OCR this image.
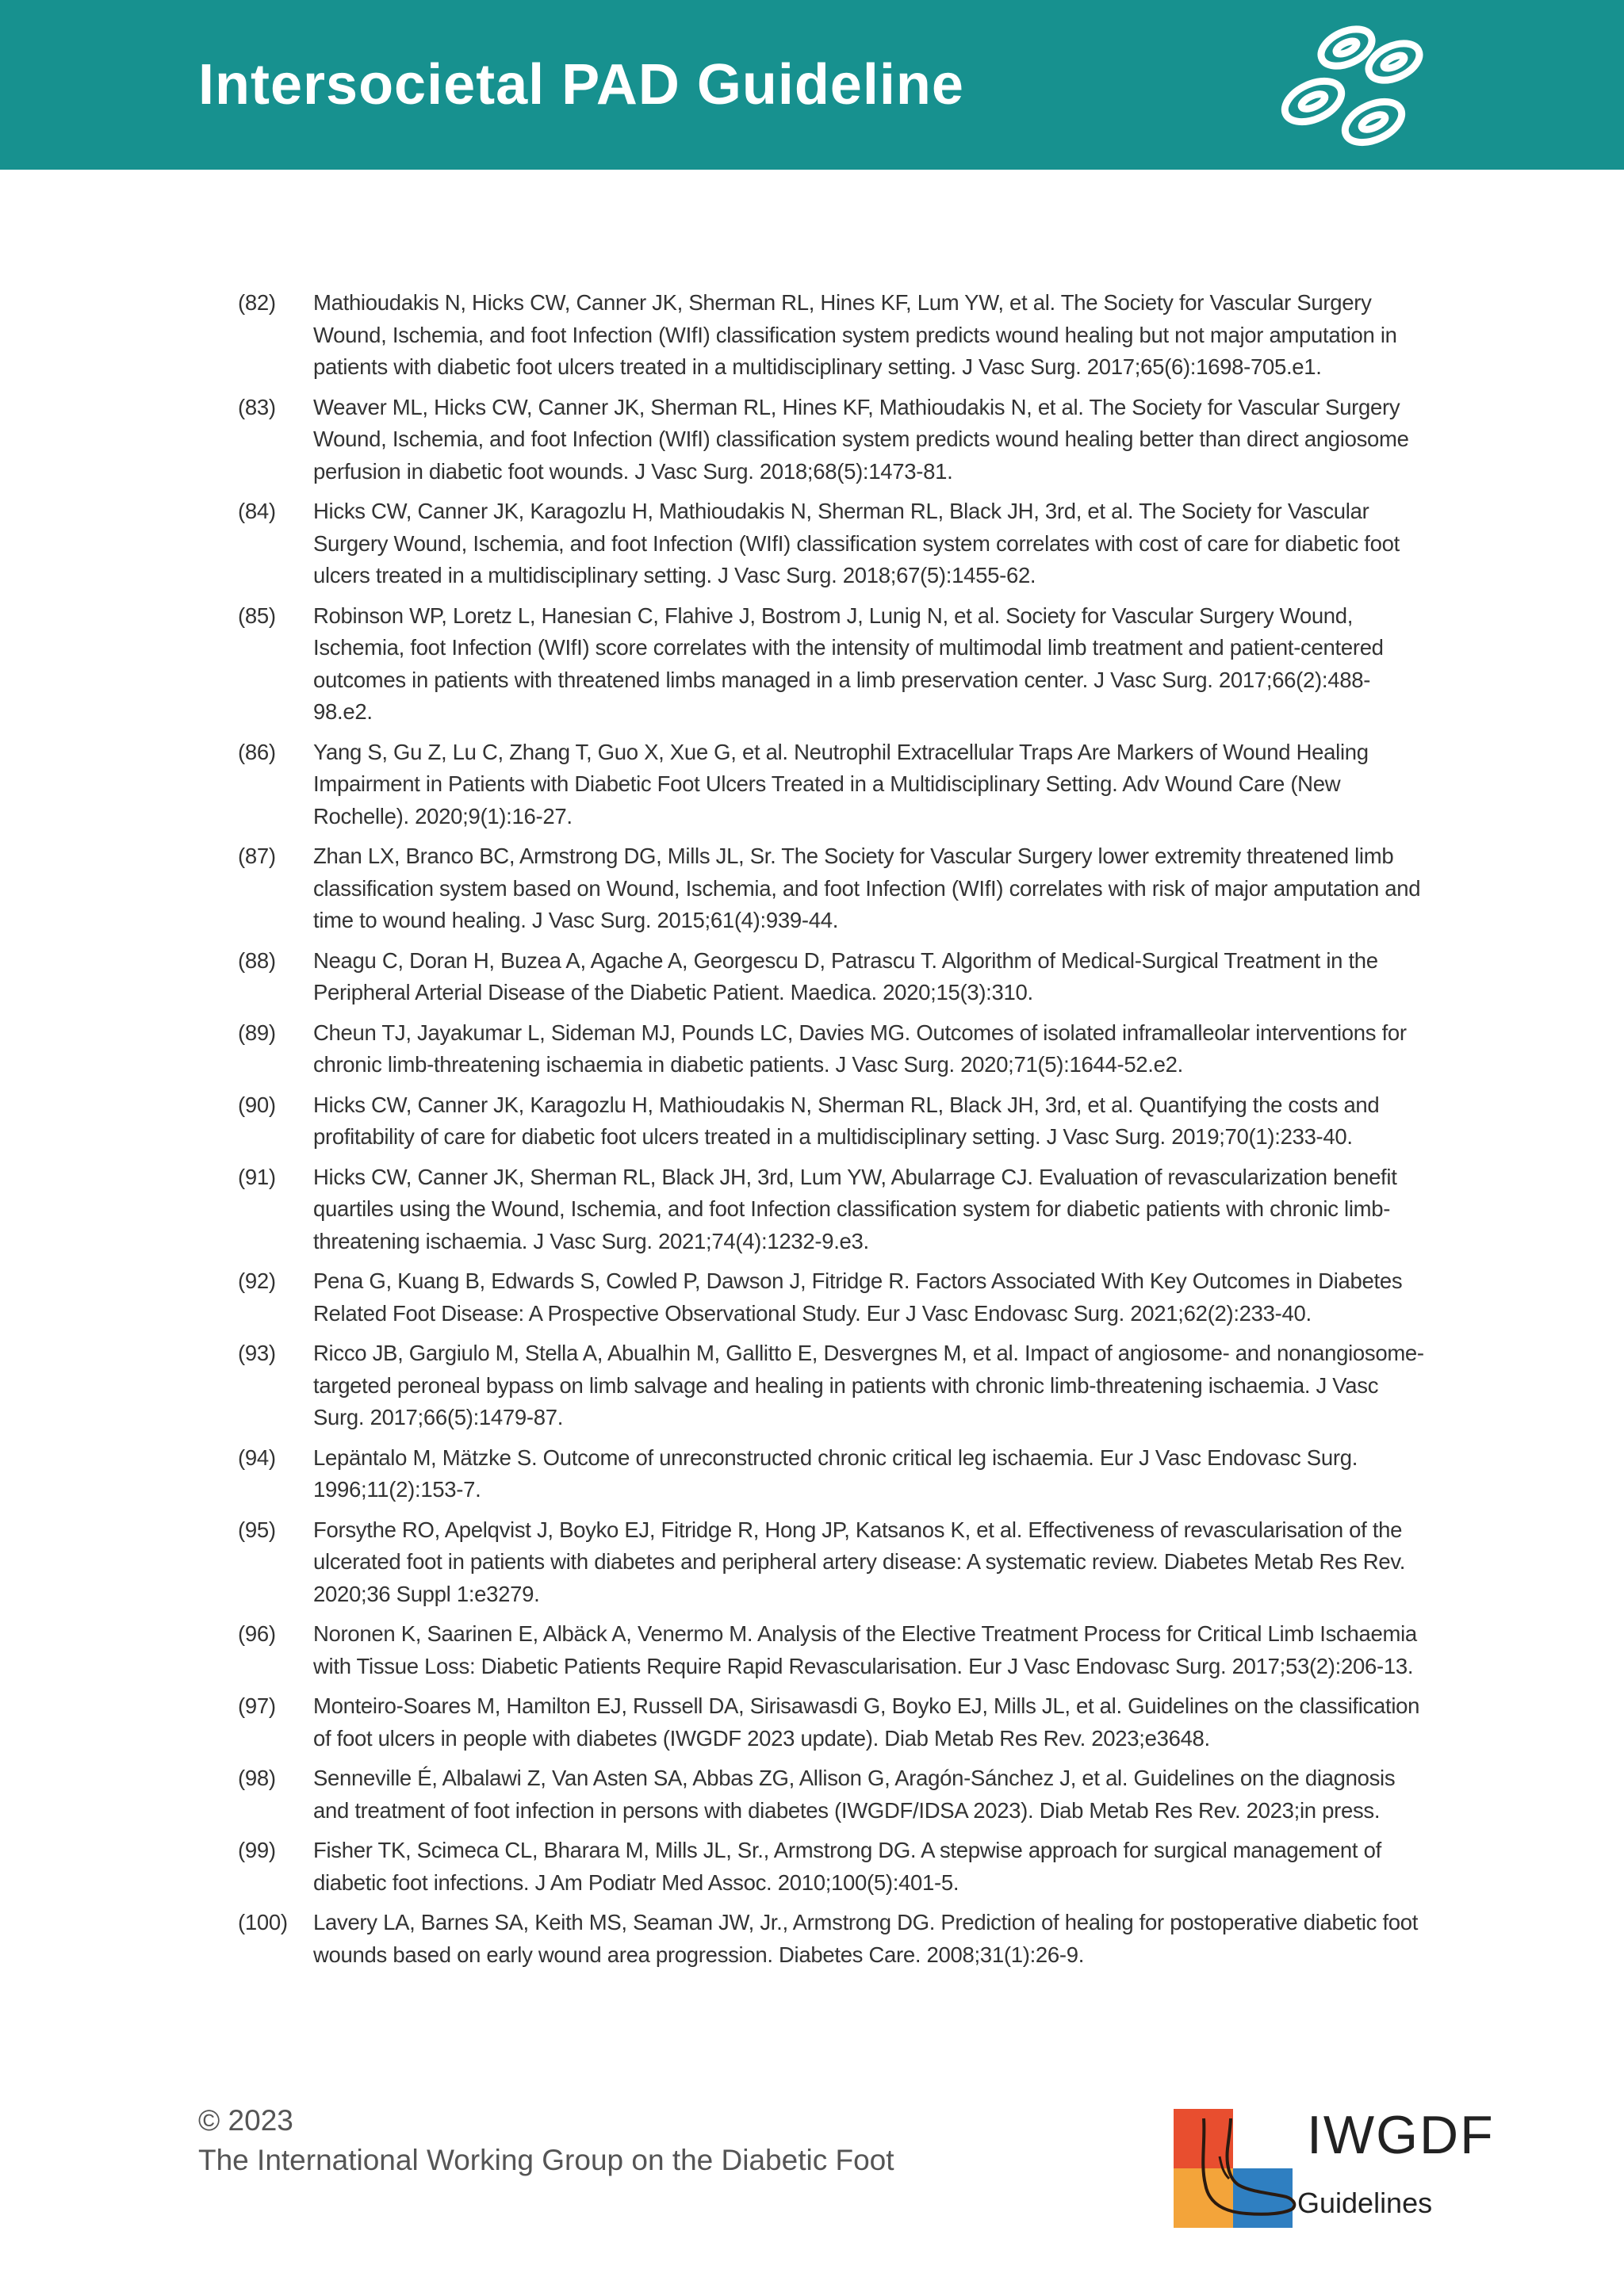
Intersocietal PAD Guideline
(82)	Mathioudakis N, Hicks CW, Canner JK, Sherman RL, Hines KF, Lum YW, et al. The Society for Vascular Surgery Wound, Ischemia, and foot Infection (WIfI) classification system predicts wound healing but not major amputation in patients with diabetic foot ulcers treated in a multidisciplinary setting. J Vasc Surg. 2017;65(6):1698-705.e1.
(83)	Weaver ML, Hicks CW, Canner JK, Sherman RL, Hines KF, Mathioudakis N, et al. The Society for Vascular Surgery Wound, Ischemia, and foot Infection (WIfI) classification system predicts wound healing better than direct angiosome perfusion in diabetic foot wounds. J Vasc Surg. 2018;68(5):1473-81.
(84)	Hicks CW, Canner JK, Karagozlu H, Mathioudakis N, Sherman RL, Black JH, 3rd, et al. The Society for Vascular Surgery Wound, Ischemia, and foot Infection (WIfI) classification system correlates with cost of care for diabetic foot ulcers treated in a multidisciplinary setting. J Vasc Surg. 2018;67(5):1455-62.
(85)	Robinson WP, Loretz L, Hanesian C, Flahive J, Bostrom J, Lunig N, et al. Society for Vascular Surgery Wound, Ischemia, foot Infection (WIfI) score correlates with the intensity of multimodal limb treatment and patient-centered outcomes in patients with threatened limbs managed in a limb preservation center. J Vasc Surg. 2017;66(2):488-98.e2.
(86)	Yang S, Gu Z, Lu C, Zhang T, Guo X, Xue G, et al. Neutrophil Extracellular Traps Are Markers of Wound Healing Impairment in Patients with Diabetic Foot Ulcers Treated in a Multidisciplinary Setting. Adv Wound Care (New Rochelle). 2020;9(1):16-27.
(87)	Zhan LX, Branco BC, Armstrong DG, Mills JL, Sr. The Society for Vascular Surgery lower extremity threatened limb classification system based on Wound, Ischemia, and foot Infection (WIfI) correlates with risk of major amputation and time to wound healing. J Vasc Surg. 2015;61(4):939-44.
(88)	Neagu C, Doran H, Buzea A, Agache A, Georgescu D, Patrascu T. Algorithm of Medical-Surgical Treatment in the Peripheral Arterial Disease of the Diabetic Patient. Maedica. 2020;15(3):310.
(89)	Cheun TJ, Jayakumar L, Sideman MJ, Pounds LC, Davies MG. Outcomes of isolated inframalleolar interventions for chronic limb-threatening ischaemia in diabetic patients. J Vasc Surg. 2020;71(5):1644-52.e2.
(90)	Hicks CW, Canner JK, Karagozlu H, Mathioudakis N, Sherman RL, Black JH, 3rd, et al. Quantifying the costs and profitability of care for diabetic foot ulcers treated in a multidisciplinary setting. J Vasc Surg. 2019;70(1):233-40.
(91)	Hicks CW, Canner JK, Sherman RL, Black JH, 3rd, Lum YW, Abularrage CJ. Evaluation of revascularization benefit quartiles using the Wound, Ischemia, and foot Infection classification system for diabetic patients with chronic limb-threatening ischaemia. J Vasc Surg. 2021;74(4):1232-9.e3.
(92)	Pena G, Kuang B, Edwards S, Cowled P, Dawson J, Fitridge R. Factors Associated With Key Outcomes in Diabetes Related Foot Disease: A Prospective Observational Study. Eur J Vasc Endovasc Surg. 2021;62(2):233-40.
(93)	Ricco JB, Gargiulo M, Stella A, Abualhin M, Gallitto E, Desvergnes M, et al. Impact of angiosome- and nonangiosome-targeted peroneal bypass on limb salvage and healing in patients with chronic limb-threatening ischaemia. J Vasc Surg. 2017;66(5):1479-87.
(94)	Lepäntalo M, Mätzke S. Outcome of unreconstructed chronic critical leg ischaemia. Eur J Vasc Endovasc Surg. 1996;11(2):153-7.
(95)	Forsythe RO, Apelqvist J, Boyko EJ, Fitridge R, Hong JP, Katsanos K, et al. Effectiveness of revascularisation of the ulcerated foot in patients with diabetes and peripheral artery disease: A systematic review. Diabetes Metab Res Rev. 2020;36 Suppl 1:e3279.
(96)	Noronen K, Saarinen E, Albäck A, Venermo M. Analysis of the Elective Treatment Process for Critical Limb Ischaemia with Tissue Loss: Diabetic Patients Require Rapid Revascularisation. Eur J Vasc Endovasc Surg. 2017;53(2):206-13.
(97)	Monteiro-Soares M, Hamilton EJ, Russell DA, Sirisawasdi G, Boyko EJ, Mills JL, et al. Guidelines on the classification of foot ulcers in people with diabetes (IWGDF 2023 update). Diab Metab Res Rev. 2023;e3648.
(98)	Senneville É, Albalawi Z, Van Asten SA, Abbas ZG, Allison G, Aragón-Sánchez J, et al. Guidelines on the diagnosis and treatment of foot infection in persons with diabetes (IWGDF/IDSA 2023). Diab Metab Res Rev. 2023;in press.
(99)	Fisher TK, Scimeca CL, Bharara M, Mills JL, Sr., Armstrong DG. A stepwise approach for surgical management of diabetic foot infections. J Am Podiatr Med Assoc. 2010;100(5):401-5.
(100)	Lavery LA, Barnes SA, Keith MS, Seaman JW, Jr., Armstrong DG. Prediction of healing for postoperative diabetic foot wounds based on early wound area progression. Diabetes Care. 2008;31(1):26-9.
© 2023
The International Working Group on the Diabetic Foot	IWGDF
Guidelines
